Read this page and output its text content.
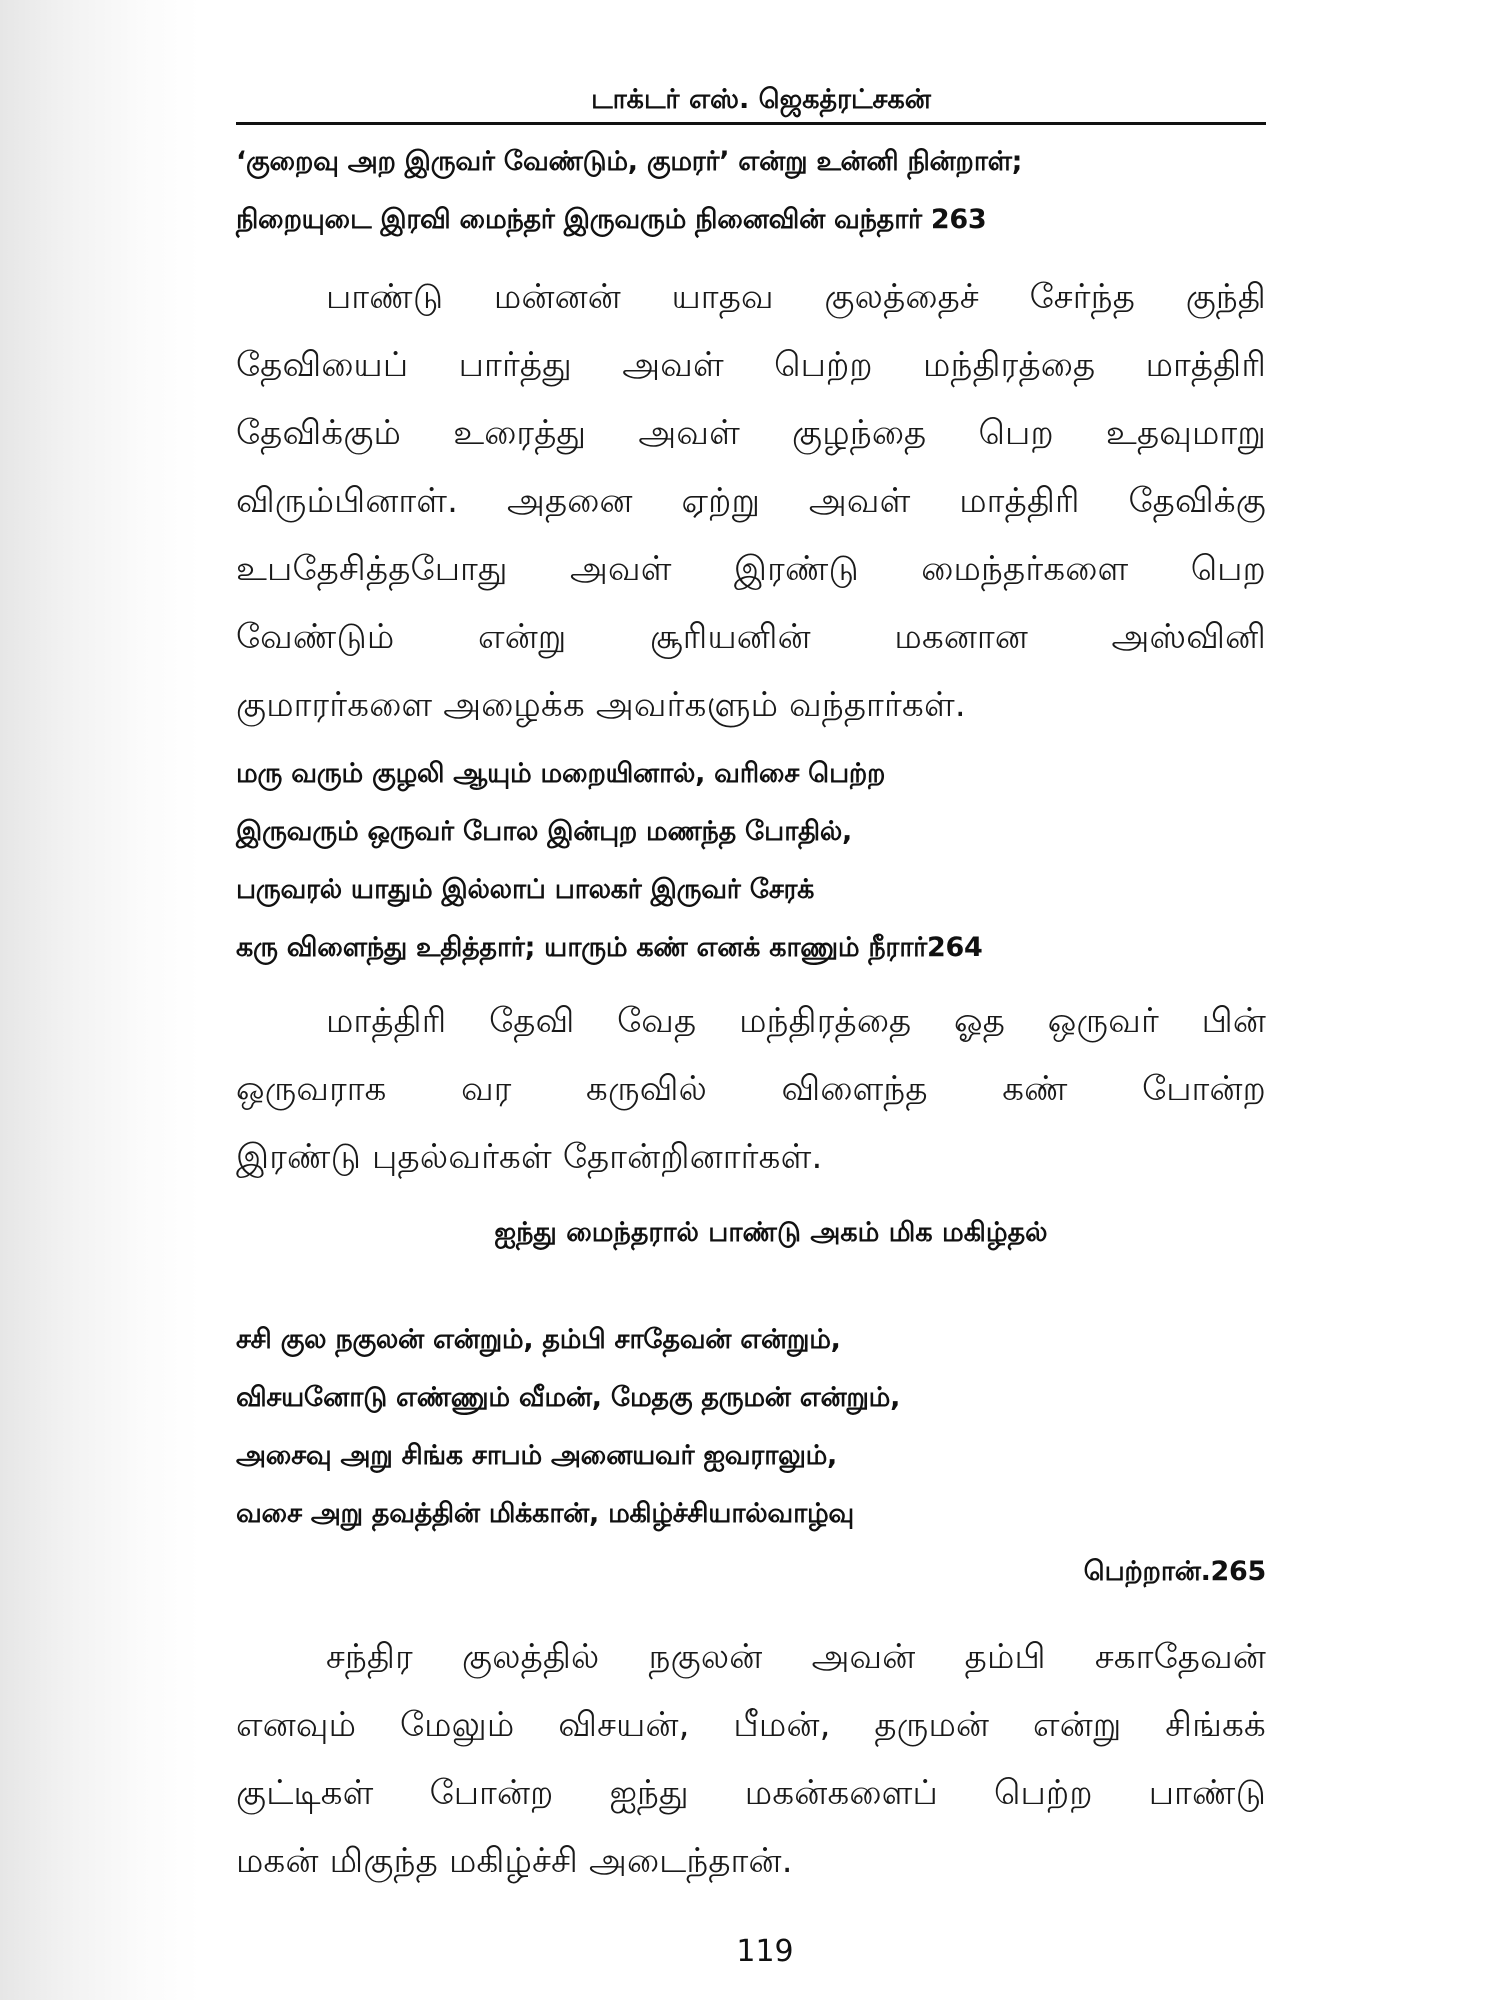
டாக்டர் எஸ். ஜெகத்ரட்சகன்
‘குறைவு அற இருவர் வேண்டும், குமரர்’ என்று உன்னி நின்றாள்;
நிறையுடை இரவி மைந்தர் இருவரும் நினைவின் வந்தார் 263
பாண்டு மன்னன் யாதவ குலத்தைச் சேர்ந்த குந்தி
தேவியைப் பார்த்து அவள் பெற்ற மந்திரத்தை மாத்திரி
தேவிக்கும் உரைத்து அவள் குழந்தை பெற உதவுமாறு
விரும்பினாள். அதனை ஏற்று அவள் மாத்திரி தேவிக்கு
உபதேசித்தபோது அவள் இரண்டு மைந்தர்களை பெற
வேண்டும் என்று சூரியனின் மகனான அஸ்வினி
குமாரர்களை அழைக்க அவர்களும் வந்தார்கள்.
மரு வரும் குழலி ஆயும் மறையினால், வரிசை பெற்ற
இருவரும் ஒருவர் போல இன்புற மணந்த போதில்,
பருவரல் யாதும் இல்லாப் பாலகர் இருவர் சேரக்
கரு விளைந்து உதித்தார்; யாரும் கண் எனக் காணும் நீரார்264
மாத்திரி தேவி வேத மந்திரத்தை ஓத ஒருவர் பின்
ஒருவராக வர கருவில் விளைந்த கண் போன்ற
இரண்டு புதல்வர்கள் தோன்றினார்கள்.
ஐந்து மைந்தரால் பாண்டு அகம் மிக மகிழ்தல்
சசி குல நகுலன் என்றும், தம்பி சாதேவன் என்றும்,
விசயனோடு எண்ணும் வீமன், மேதகு தருமன் என்றும்,
அசைவு அறு சிங்க சாபம் அனையவர் ஐவராலும்,
வசை அறு தவத்தின் மிக்கான், மகிழ்ச்சியால்வாழ்வு
பெற்றான்.265
சந்திர குலத்தில் நகுலன் அவன் தம்பி சகாதேவன்
எனவும் மேலும் விசயன், பீமன், தருமன் என்று சிங்கக்
குட்டிகள் போன்ற ஐந்து மகன்களைப் பெற்ற பாண்டு
மகன் மிகுந்த மகிழ்ச்சி அடைந்தான்.
119
